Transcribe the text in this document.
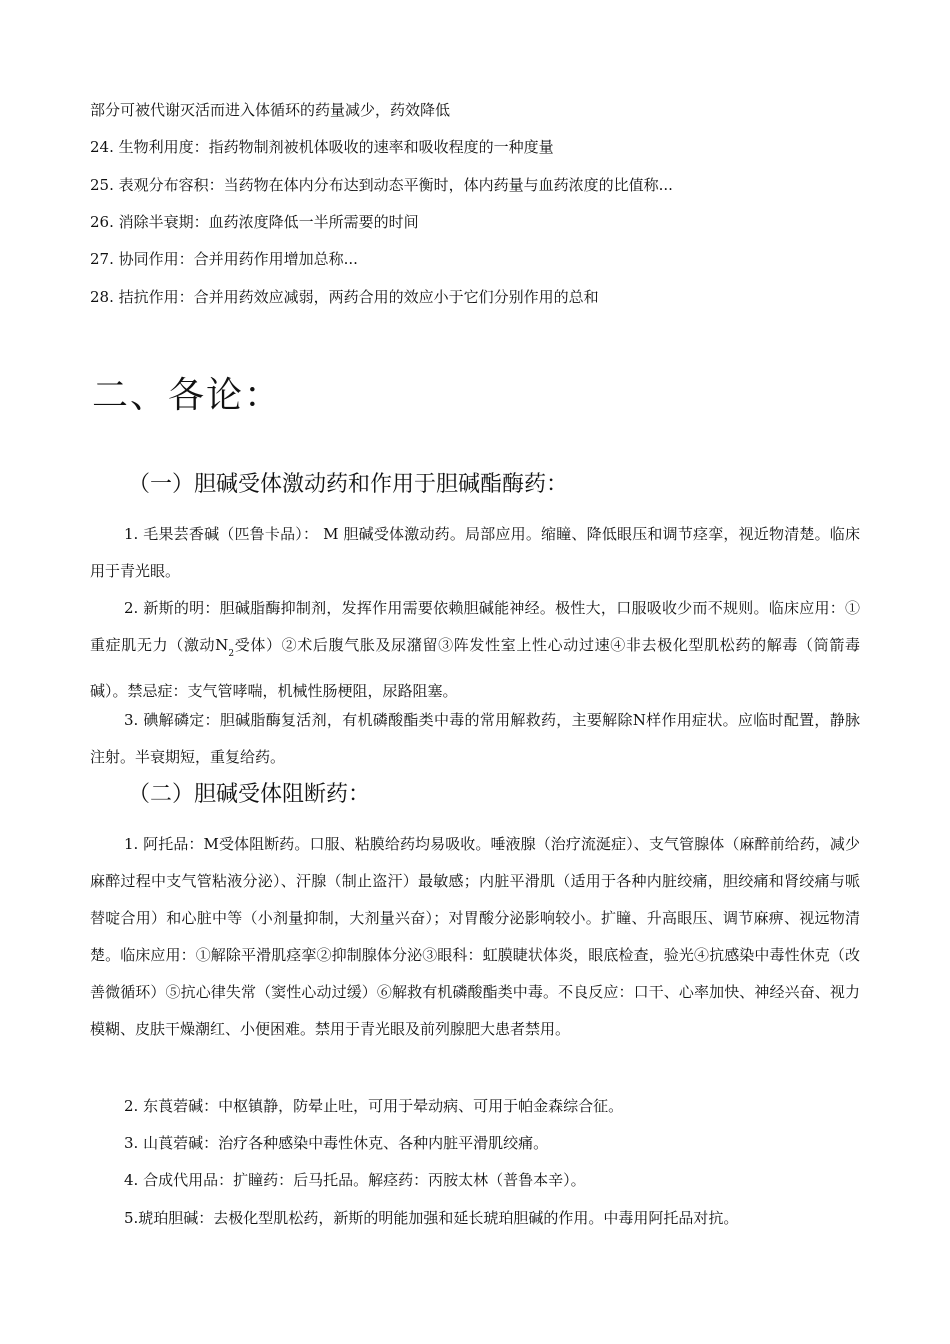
部分可被代谢灭活而进入体循环的药量减少，药效降低
24. 生物利用度：指药物制剂被机体吸收的速率和吸收程度的一种度量
25. 表观分布容积：当药物在体内分布达到动态平衡时，体内药量与血药浓度的比值称...
26. 消除半衰期：血药浓度降低一半所需要的时间
27. 协同作用：合并用药作用增加总称...
28. 拮抗作用：合并用药效应减弱，两药合用的效应小于它们分别作用的总和
二、各论：
（一）胆碱受体激动药和作用于胆碱酯酶药：
1. 毛果芸香碱（匹鲁卡品）： M 胆碱受体激动药。局部应用。缩瞳、降低眼压和调节痉挛，视近物清楚。临床用于青光眼。
2. 新斯的明：胆碱脂酶抑制剂，发挥作用需要依赖胆碱能神经。极性大，口服吸收少而不规则。临床应用：①重症肌无力（激动$N_2$受体）②术后腹气胀及尿潴留③阵发性室上性心动过速④非去极化型肌松药的解毒（筒箭毒碱）。禁忌症：支气管哮喘，机械性肠梗阻，尿路阻塞。
3. 碘解磷定：胆碱脂酶复活剂，有机磷酸酯类中毒的常用解救药，主要解除N样作用症状。应临时配置，静脉注射。半衰期短，重复给药。
（二）胆碱受体阻断药：
1. 阿托品：M受体阻断药。口服、粘膜给药均易吸收。唾液腺（治疗流涎症）、支气管腺体（麻醉前给药，减少麻醉过程中支气管粘液分泌）、汗腺（制止盗汗）最敏感；内脏平滑肌（适用于各种内脏绞痛，胆绞痛和肾绞痛与哌替啶合用）和心脏中等（小剂量抑制，大剂量兴奋）；对胃酸分泌影响较小。扩瞳、升高眼压、调节麻痹、视远物清楚。临床应用：①解除平滑肌痉挛②抑制腺体分泌③眼科：虹膜睫状体炎，眼底检查，验光④抗感染中毒性休克（改善微循环）⑤抗心律失常（窦性心动过缓）⑥解救有机磷酸酯类中毒。不良反应：口干、心率加快、神经兴奋、视力模糊、皮肤干燥潮红、小便困难。禁用于青光眼及前列腺肥大患者禁用。
2. 东莨菪碱：中枢镇静，防晕止吐，可用于晕动病、可用于帕金森综合征。
3. 山莨菪碱：治疗各种感染中毒性休克、各种内脏平滑肌绞痛。
4. 合成代用品：扩瞳药：后马托品。解痉药：丙胺太林（普鲁本辛）。
5.琥珀胆碱：去极化型肌松药，新斯的明能加强和延长琥珀胆碱的作用。中毒用阿托品对抗。
